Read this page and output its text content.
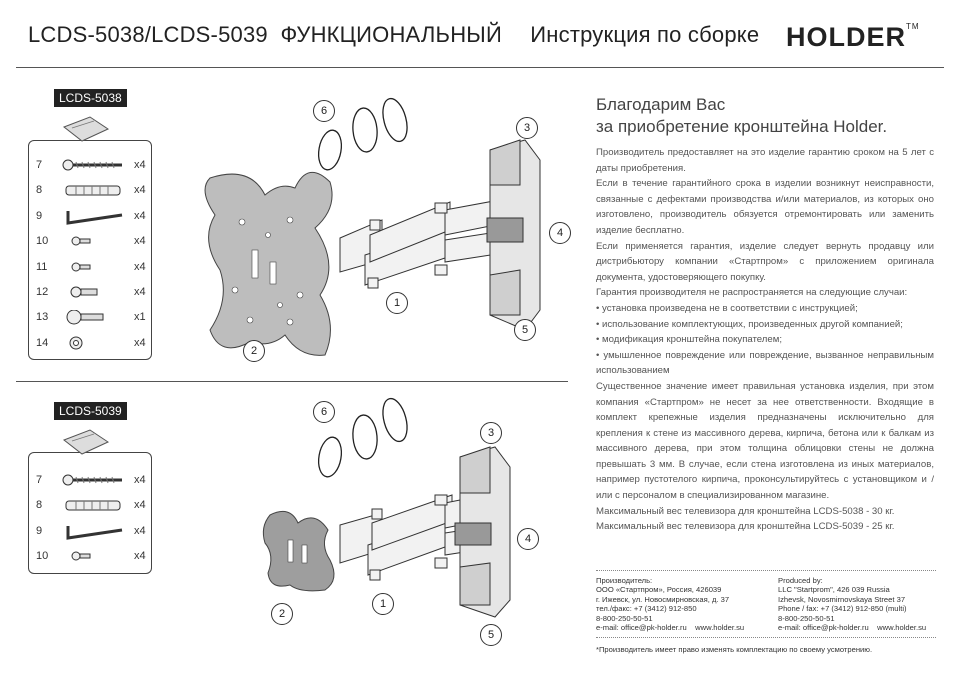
LCDS-5038/LCDS-5039 ФУНКЦИОНАЛЬНЫЙ Инструкция по сборке HOLDER™
LCDS-5038
7	x4
8	x4
9	x4
10	x4
11	x4
12	x4
13	x1
14	x4
LCDS-5039
7	x4
8	x4
9	x4
10	x4
1
2
3
4
5
6
1
2
3
4
5
6
Благодарим Вас
за приобретение кронштейна Holder.

Производитель предоставляет на это изделие гарантию сроком на 5 лет с даты приобретения.

Если в течение гарантийного срока в изделии возникнут неисправности, связанные с дефектами производства и/или материалов, из которых оно изготовлено, производитель обязуется отремонтировать или заменить изделие бесплатно.

Если применяется гарантия, изделие следует вернуть продавцу или дистрибьютору компании «Стартпром» с приложением оригинала документа, удостоверяющего покупку.

Гарантия производителя не распространяется на следующие случаи:

• установка произведена не в соответствии с инструкцией;

• использование комплектующих, произведенных другой компанией;

• модификация кронштейна покупателем;

• умышленное повреждение или повреждение, вызванное неправильным использованием

Существенное значение имеет правильная установка изделия, при этом компания «Стартпром» не несет за нее ответственности. Входящие в комплект крепежные изделия предназначены исключительно для крепления к стене из массивного дерева, кирпича, бетона или к балкам из массивного дерева, при этом толщина облицовки стены не должна превышать 3 мм. В случае, если стена изготовлена из иных материалов, например пустотелого кирпича, проконсультируйтесь с установщиком и / или с персоналом в специализированном магазине.

Максимальный вес телевизора для кронштейна LCDS-5038 - 30 кг.

Максимальный вес телевизора для кронштейна LCDS-5039 - 25 кг.

Производитель:
ООО «Стартпром», Россия, 426039
г. Ижевск, ул. Новосмирновская, д. 37
тел./факс: +7 (3412) 912-850
8-800-250-50-51
e-mail: office@pk-holder.ru    www.holder.su
Produced by:
LLC "Startprom", 426 039 Russia
Izhevsk, Novosmirnovskaya Street 37
Phone / fax: +7 (3412) 912-850 (multi)
8-800-250-50-51
e-mail: office@pk-holder.ru    www.holder.su
*Производитель имеет право изменять комплектацию по своему усмотрению.
